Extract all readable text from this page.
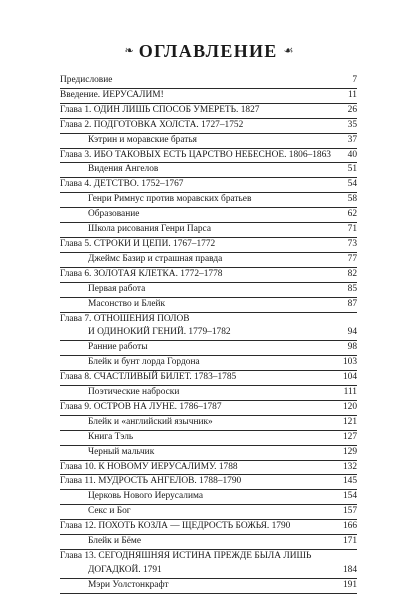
❧ ОГЛАВЛЕНИЕ ☙
Предисловие	7
Введение. ИЕРУСАЛИМ!	11
Глава 1. ОДИН ЛИШЬ СПОСОБ УМЕРЕТЬ. 1827	26
Глава 2. ПОДГОТОВКА ХОЛСТА. 1727–1752	35
Кэтрин и моравские братья	37
Глава 3. ИБО ТАКОВЫХ ЕСТЬ ЦАРСТВО НЕБЕСНОЕ. 1806–1863	40
Видения Ангелов	51
Глава 4. ДЕТСТВО. 1752–1767	54
Генри Римнус против моравских братьев	58
Образование	62
Школа рисования Генри Парса	71
Глава 5. СТРОКИ И ЦЕПИ. 1767–1772	73
Джеймс Базир и страшная правда	77
Глава 6. ЗОЛОТАЯ КЛЕТКА. 1772–1778	82
Первая работа	85
Масонство и Блейк	87
Глава 7. ОТНОШЕНИЯ ПОЛОВ
И ОДИНОКИЙ ГЕНИЙ. 1779–1782	94
Ранние работы	98
Блейк и бунт лорда Гордона	103
Глава 8. СЧАСТЛИВЫЙ БИЛЕТ. 1783–1785	104
Поэтические наброски	111
Глава 9. ОСТРОВ НА ЛУНЕ. 1786–1787	120
Блейк и «английский язычник»	121
Книга Тэль	127
Черный мальчик	129
Глава 10. К НОВОМУ ИЕРУСАЛИМУ. 1788	132
Глава 11. МУДРОСТЬ АНГЕЛОВ. 1788–1790	145
Церковь Нового Иерусалима	154
Секс и Бог	157
Глава 12. ПОХОТЬ КОЗЛА — ЩЕДРОСТЬ БОЖЬЯ. 1790	166
Блейк и Бёме	171
Глава 13. СЕГОДНЯШНЯЯ ИСТИНА ПРЕЖДЕ БЫЛА ЛИШЬ
ДОГАДКОЙ. 1791	184
Мэри Уолстонкрафт	191
